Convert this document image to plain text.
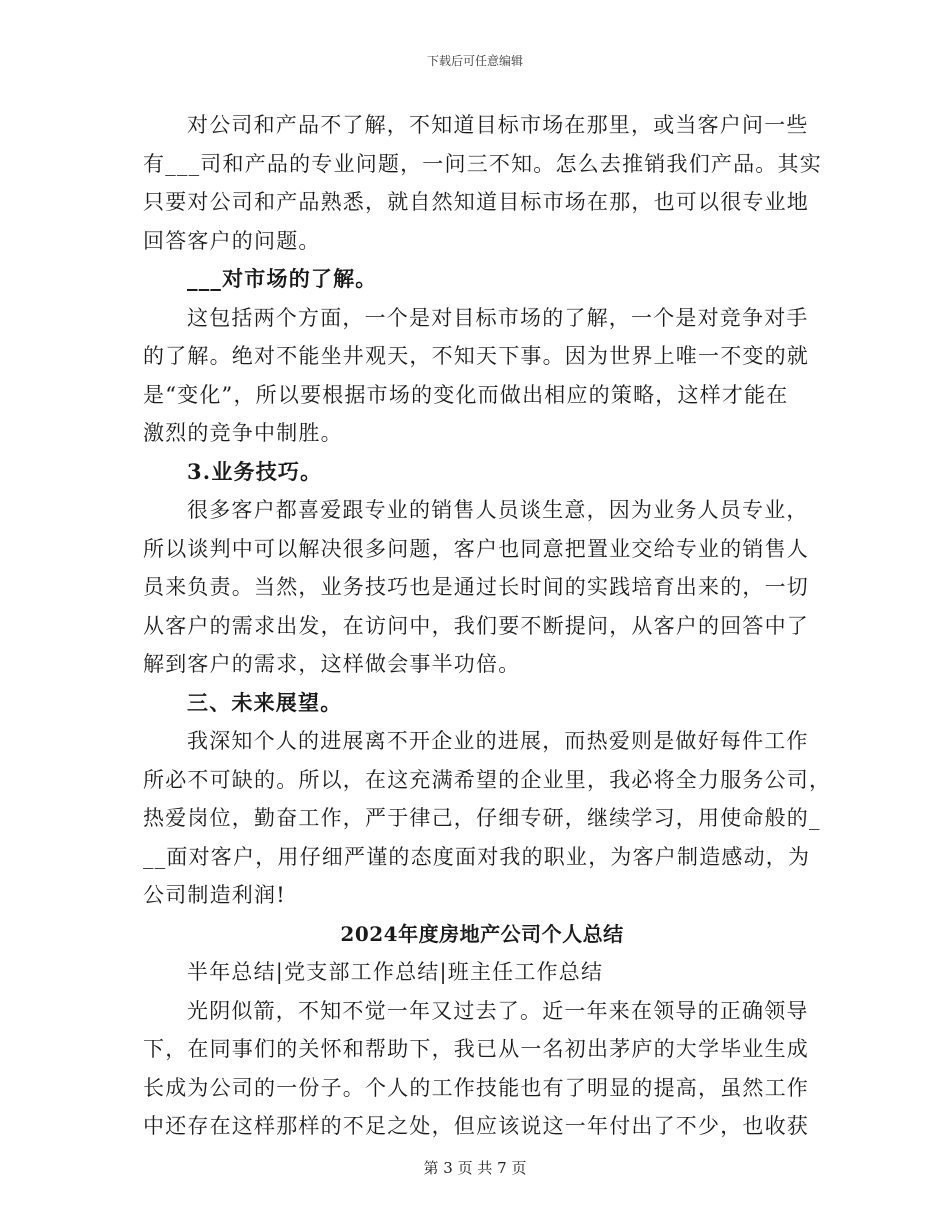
下载后可任意编辑
对公司和产品不了解，不知道目标市场在那里，或当客户问一些
有___司和产品的专业问题，一问三不知。怎么去推销我们产品。其实
只要对公司和产品熟悉，就自然知道目标市场在那，也可以很专业地
回答客户的问题。
___对市场的了解。
这包括两个方面，一个是对目标市场的了解，一个是对竞争对手
的了解。绝对不能坐井观天，不知天下事。因为世界上唯一不变的就
是“变化”，所以要根据市场的变化而做出相应的策略，这样才能在
激烈的竞争中制胜。
3.业务技巧。
很多客户都喜爱跟专业的销售人员谈生意，因为业务人员专业，
所以谈判中可以解决很多问题，客户也同意把置业交给专业的销售人
员来负责。当然，业务技巧也是通过长时间的实践培育出来的，一切
从客户的需求出发，在访问中，我们要不断提问，从客户的回答中了
解到客户的需求，这样做会事半功倍。
三、未来展望。
我深知个人的进展离不开企业的进展，而热爱则是做好每件工作
所必不可缺的。所以，在这充满希望的企业里，我必将全力服务公司，
热爱岗位，勤奋工作，严于律己，仔细专研，继续学习，用使命般的_
__面对客户，用仔细严谨的态度面对我的职业，为客户制造感动，为
公司制造利润!
2024年度房地产公司个人总结
半年总结|党支部工作总结|班主任工作总结
光阴似箭，不知不觉一年又过去了。近一年来在领导的正确领导
下，在同事们的关怀和帮助下，我已从一名初出茅庐的大学毕业生成
长成为公司的一份子。个人的工作技能也有了明显的提高，虽然工作
中还存在这样那样的不足之处，但应该说这一年付出了不少，也收获
第 3 页 共 7 页
